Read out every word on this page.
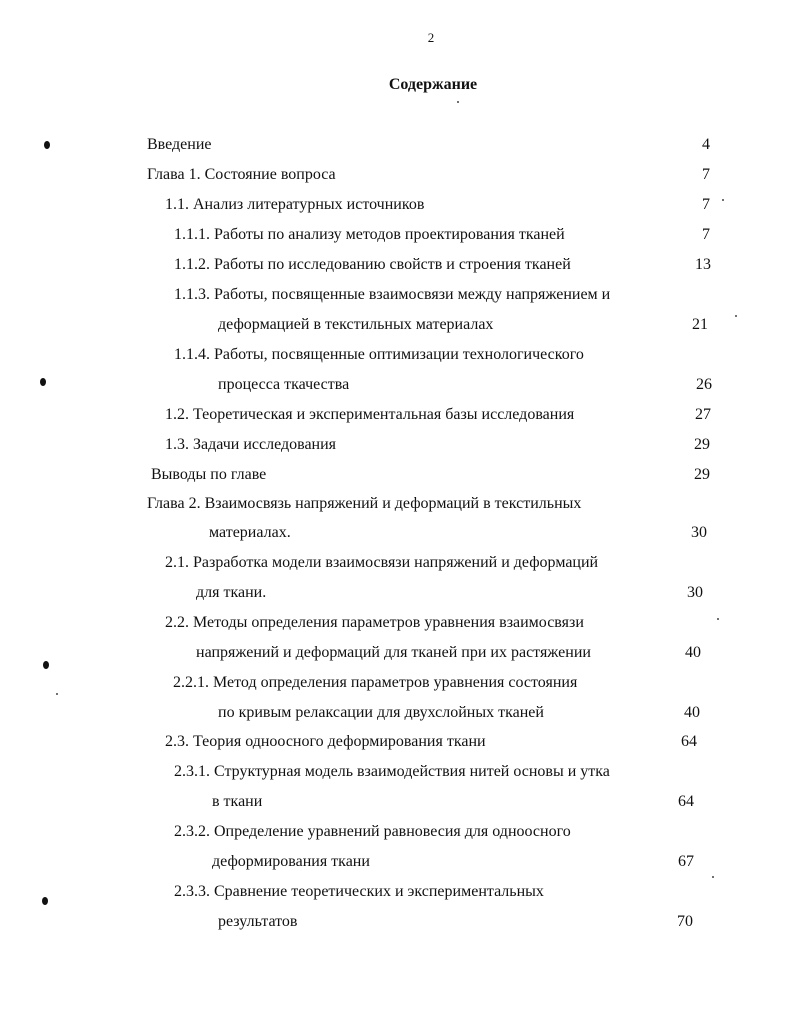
2
Содержание
Введение	4
Глава 1. Состояние вопроса	7
1.1. Анализ литературных источников	7
1.1.1. Работы по анализу методов проектирования тканей	7
1.1.2. Работы по исследованию свойств и строения тканей	13
1.1.3. Работы, посвященные взаимосвязи между напряжением и
деформацией в текстильных материалах	21
1.1.4. Работы, посвященные оптимизации технологического
процесса ткачества	26
1.2. Теоретическая и экспериментальная базы исследования	27
1.3. Задачи исследования	29
Выводы по главе	29
Глава 2. Взаимосвязь напряжений и деформаций в текстильных
материалах.	30
2.1. Разработка модели взаимосвязи напряжений и деформаций
для ткани.	30
2.2. Методы определения параметров уравнения взаимосвязи
напряжений и деформаций для тканей при их растяжении	40
2.2.1. Метод определения параметров уравнения состояния
по кривым релаксации для двухслойных тканей	40
2.3. Теория одноосного деформирования ткани	64
2.3.1. Структурная модель взаимодействия нитей основы и утка
в ткани	64
2.3.2. Определение уравнений равновесия для одноосного
деформирования ткани	67
2.3.3. Сравнение теоретических и экспериментальных
результатов	70
